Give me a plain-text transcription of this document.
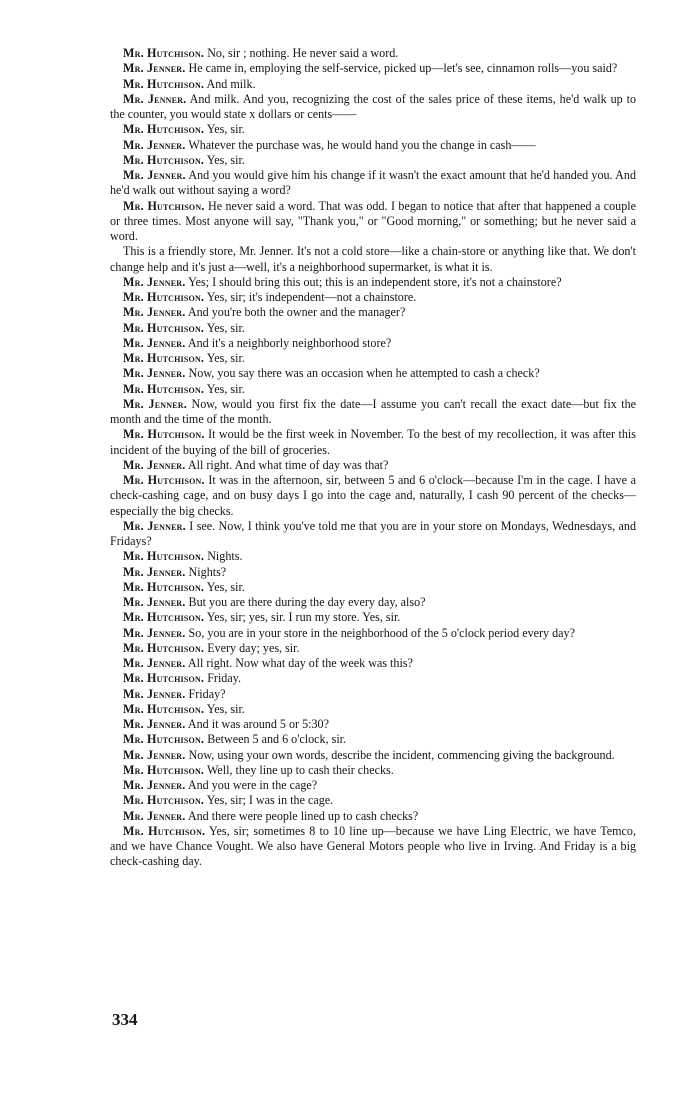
Mr. Hutchison. No, sir ; nothing. He never said a word.

Mr. Jenner. He came in, employing the self-service, picked up—let's see, cinnamon rolls—you said?

Mr. Hutchison. And milk.

Mr. Jenner. And milk. And you, recognizing the cost of the sales price of these items, he'd walk up to the counter, you would state x dollars or cents——

Mr. Hutchison. Yes, sir.

Mr. Jenner. Whatever the purchase was, he would hand you the change in cash——

Mr. Hutchison. Yes, sir.

Mr. Jenner. And you would give him his change if it wasn't the exact amount that he'd handed you. And he'd walk out without saying a word?

Mr. Hutchison. He never said a word. That was odd. I began to notice that after that happened a couple or three times. Most anyone will say, "Thank you," or "Good morning," or something; but he never said a word.

This is a friendly store, Mr. Jenner. It's not a cold store—like a chain-store or anything like that. We don't change help and it's just a—well, it's a neighborhood supermarket, is what it is.

Mr. Jenner. Yes; I should bring this out; this is an independent store, it's not a chainstore?

Mr. Hutchison. Yes, sir; it's independent—not a chainstore.

Mr. Jenner. And you're both the owner and the manager?

Mr. Hutchison. Yes, sir.

Mr. Jenner. And it's a neighborly neighborhood store?

Mr. Hutchison. Yes, sir.

Mr. Jenner. Now, you say there was an occasion when he attempted to cash a check?

Mr. Hutchison. Yes, sir.

Mr. Jenner. Now, would you first fix the date—I assume you can't recall the exact date—but fix the month and the time of the month.

Mr. Hutchison. It would be the first week in November. To the best of my recollection, it was after this incident of the buying of the bill of groceries.

Mr. Jenner. All right. And what time of day was that?

Mr. Hutchison. It was in the afternoon, sir, between 5 and 6 o'clock—because I'm in the cage. I have a check-cashing cage, and on busy days I go into the cage and, naturally, I cash 90 percent of the checks—especially the big checks.

Mr. Jenner. I see. Now, I think you've told me that you are in your store on Mondays, Wednesdays, and Fridays?

Mr. Hutchison. Nights.

Mr. Jenner. Nights?

Mr. Hutchison. Yes, sir.

Mr. Jenner. But you are there during the day every day, also?

Mr. Hutchison. Yes, sir; yes, sir. I run my store. Yes, sir.

Mr. Jenner. So, you are in your store in the neighborhood of the 5 o'clock period every day?

Mr. Hutchison. Every day; yes, sir.

Mr. Jenner. All right. Now what day of the week was this?

Mr. Hutchison. Friday.

Mr. Jenner. Friday?

Mr. Hutchison. Yes, sir.

Mr. Jenner. And it was around 5 or 5:30?

Mr. Hutchison. Between 5 and 6 o'clock, sir.

Mr. Jenner. Now, using your own words, describe the incident, commencing giving the background.

Mr. Hutchison. Well, they line up to cash their checks.

Mr. Jenner. And you were in the cage?

Mr. Hutchison. Yes, sir; I was in the cage.

Mr. Jenner. And there were people lined up to cash checks?

Mr. Hutchison. Yes, sir; sometimes 8 to 10 line up—because we have Ling Electric, we have Temco, and we have Chance Vought. We also have General Motors people who live in Irving. And Friday is a big check-cashing day.

334
